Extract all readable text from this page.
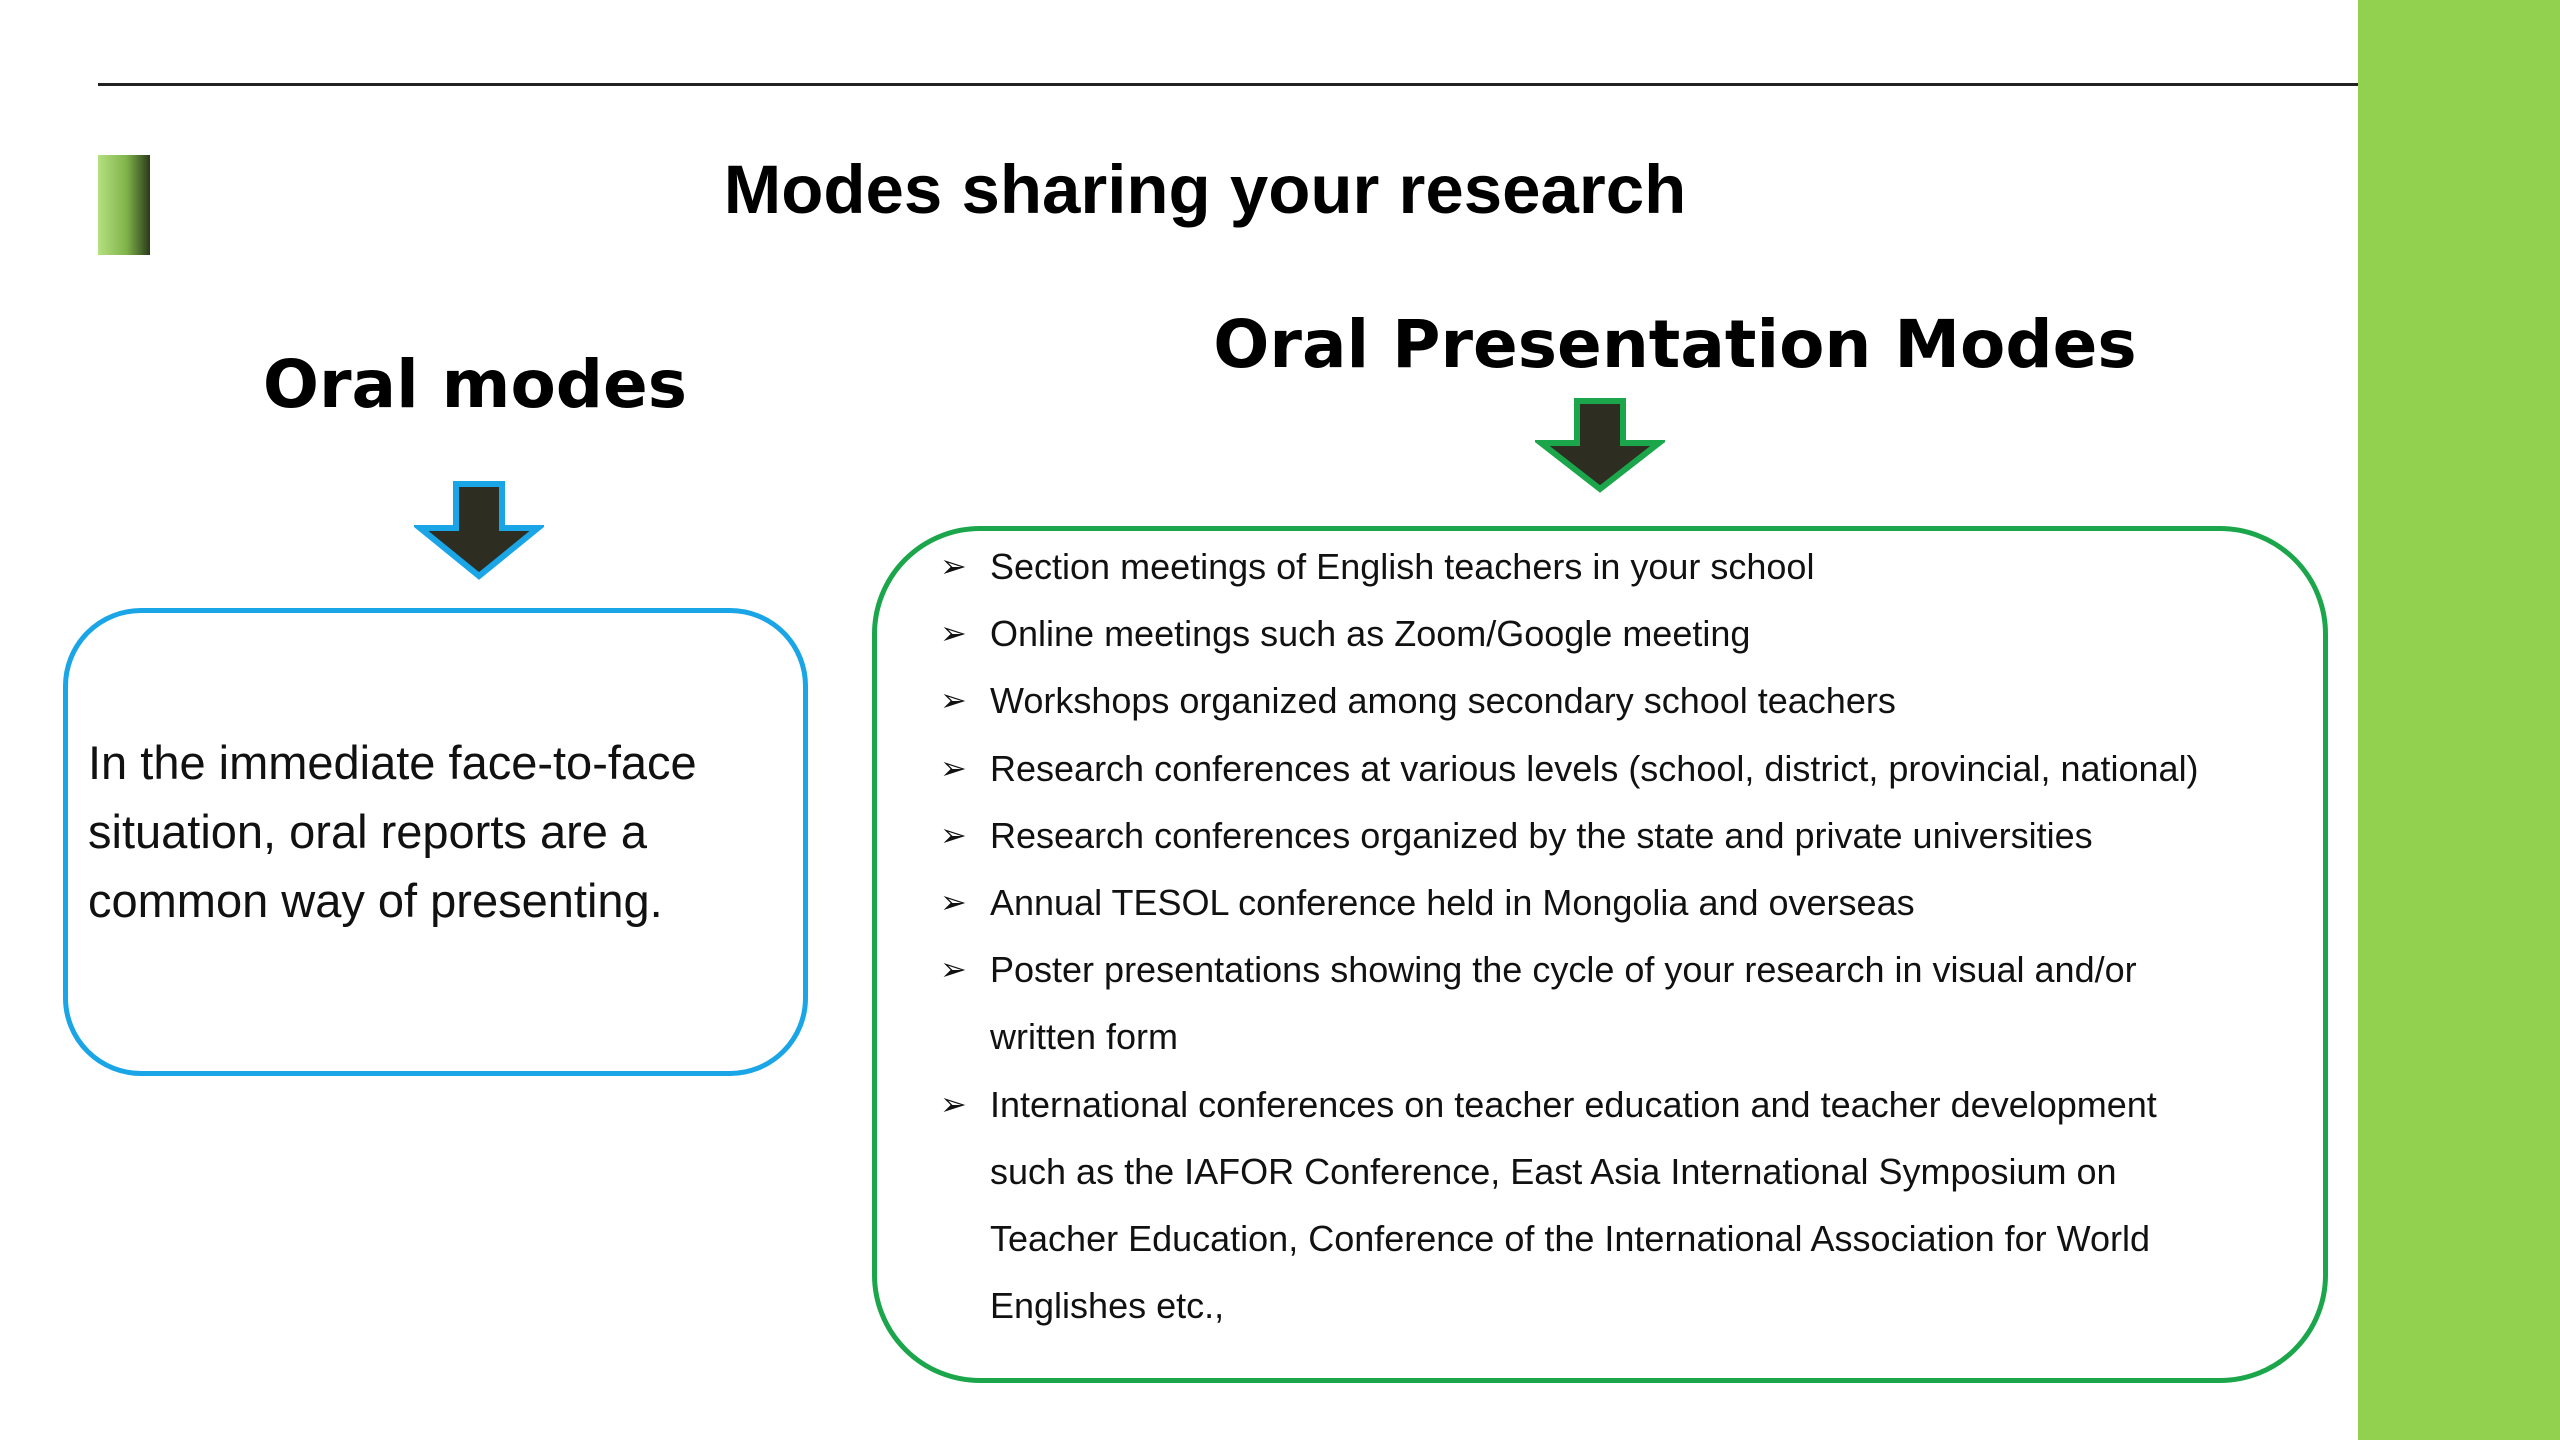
Modes sharing your research
Oral modes
Oral Presentation Modes
In the immediate face-to-face
situation, oral reports are a
common way of presenting.
➢ Section meetings of English teachers in your school
➢ Online meetings such as Zoom/Google meeting
➢ Workshops organized among secondary school teachers
➢ Research conferences at various levels (school, district, provincial, national)
➢ Research conferences organized by the state and private universities
➢ Annual TESOL conference held in Mongolia and overseas
➢ Poster presentations showing the cycle of your research in visual and/or
written form
➢ International conferences on teacher education and teacher development
such as the IAFOR Conference, East Asia International Symposium on
Teacher Education, Conference of the International Association for World
Englishes etc.,
